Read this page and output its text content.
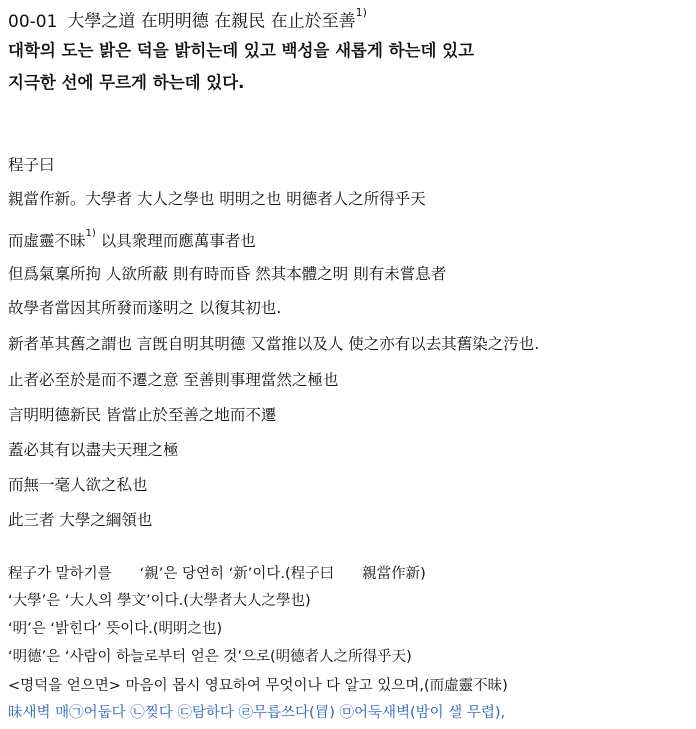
00-01 大學之道 在明明德 在親民 在止於至善$^{1)}$
대학의 도는 밝은 덕을 밝히는데 있고 백성을 새롭게 하는데 있고
지극한 선에 무르게 하는데 있다.
程子曰
親當作新。大學者 大人之學也 明明之也 明德者人之所得乎天
而虛靈不昧$^{1)}$ 以具衆理而應萬事者也
但爲氣稟所拘 人欲所蔽 則有時而昏 然其本體之明 則有未嘗息者
故學者當因其所發而遂明之 以復其初也.
新者革其舊之謂也 言旣自明其明德 又當推以及人 使之亦有以去其舊染之汚也.
止者必至於是而不遷之意 至善則事理當然之極也
言明明德新民 皆當止於至善之地而不遷
蓋必其有以盡夫天理之極
而無一毫人欲之私也
此三者 大學之綱領也
程子가 말하기를 ‘親’은 당연히 ‘新’이다.(程子曰 親當作新)
‘大學’은 ‘大人의 學文’이다.(大學者大人之學也)
‘明’은 ‘밝힌다’ 뜻이다.(明明之也)
‘明德’은 ‘사람이 하늘로부터 얻은 것’으로(明德者人之所得乎天)
<명덕을 얻으면> 마음이 몹시 영묘하여 무엇이나 다 알고 있으며,(而虛靈不昧)
昧새벽 매㉠어둡다 ㉡찢다 ㉢탐하다 ㉣무릅쓰다(冒) ㉤어둑새벽(밤이 샐 무렵),
